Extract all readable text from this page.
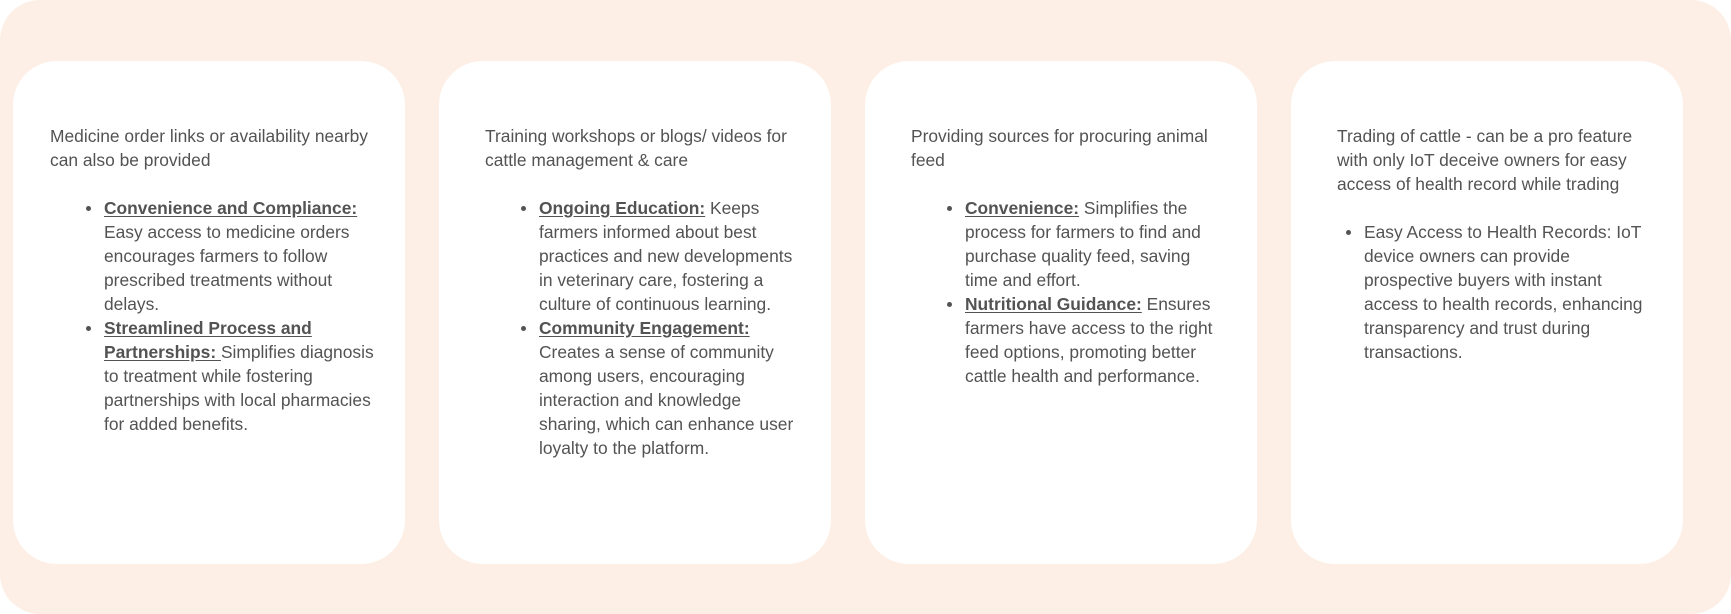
Medicine order links or availability nearby can also be provided

Convenience and Compliance: Easy access to medicine orders encourages farmers to follow prescribed treatments without delays.
Streamlined Process and Partnerships: Simplifies diagnosis to treatment while fostering partnerships with local pharmacies for added benefits.

Training workshops or blogs/ videos for cattle management & care

Ongoing Education: Keeps farmers informed about best practices and new developments in veterinary care, fostering a culture of continuous learning.
Community Engagement: Creates a sense of community among users, encouraging interaction and knowledge sharing, which can enhance user loyalty to the platform.

Providing sources for procuring animal feed

Convenience: Simplifies the process for farmers to find and purchase quality feed, saving time and effort.
Nutritional Guidance: Ensures farmers have access to the right feed options, promoting better cattle health and performance.

Trading of cattle - can be a pro feature with only IoT deceive owners for easy access of health record while trading

Easy Access to Health Records: IoT device owners can provide prospective buyers with instant access to health records, enhancing transparency and trust during transactions.
